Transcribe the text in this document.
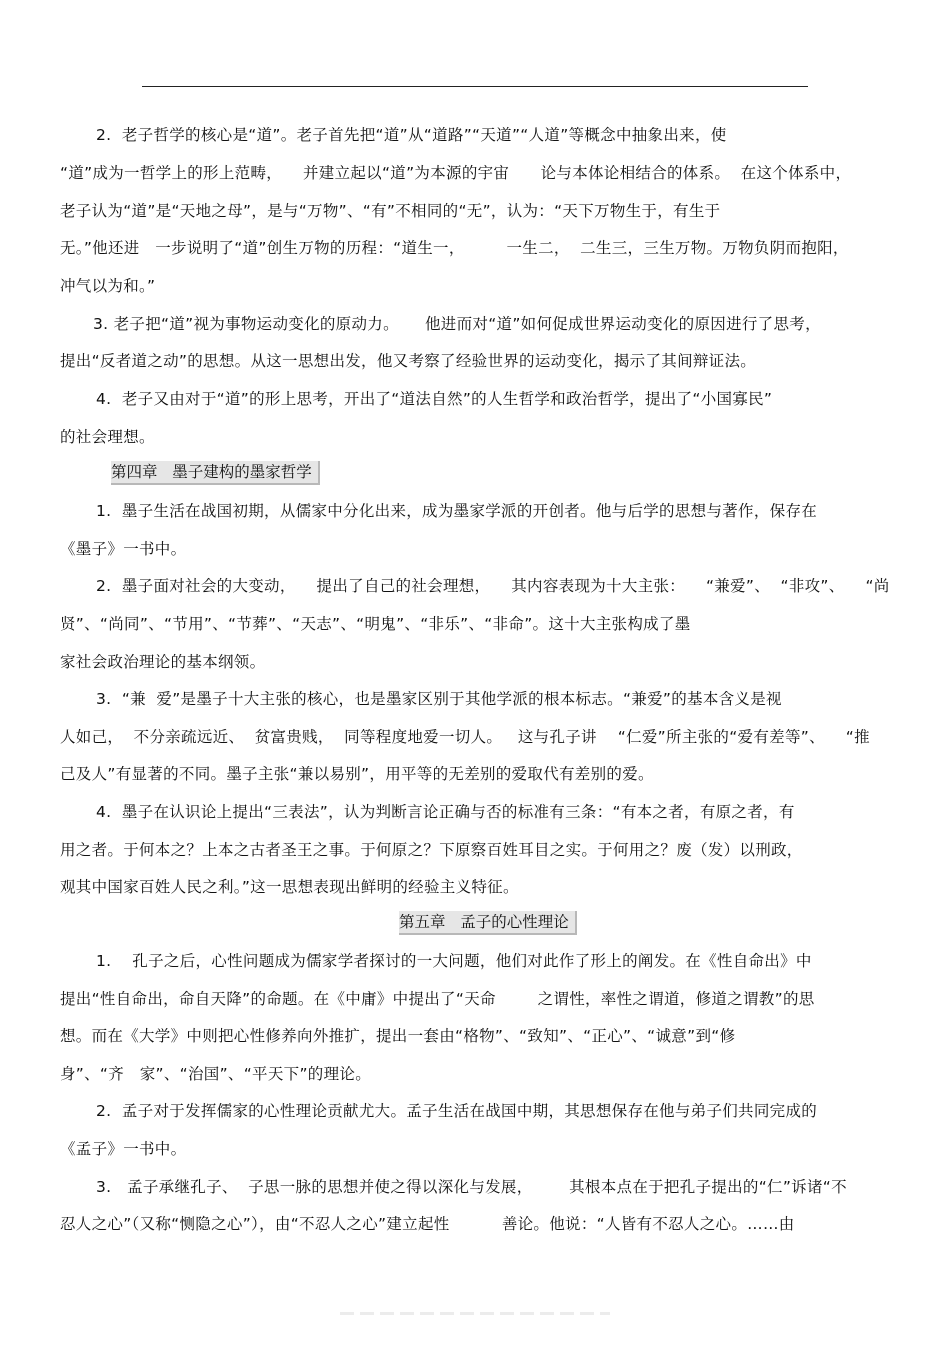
2.  老子哲学的核心是“道”。老子首先把“道”从“道路”“天道”“人道”等概念中抽象出来，使
“道”成为一哲学上的形上范畴，    并建立起以“道”为本源的宇宙      论与本体论相结合的体系。  在这个体系中，
老子认为“道”是“天地之母”，是与“万物”、“有”不相同的“无”，认为：“天下万物生于，有生于
无。”他还进   一步说明了“道”创生万物的历程：“道生一，        一生二，  二生三，三生万物。万物负阴而抱阳，
冲气以为和。”
3. 老子把“道”视为事物运动变化的原动力。     他进而对“道”如何促成世界运动变化的原因进行了思考，
提出“反者道之动”的思想。从这一思想出发，他又考察了经验世界的运动变化，揭示了其间辩证法。
4.  老子又由对于“道”的形上思考，开出了“道法自然”的人生哲学和政治哲学，提出了“小国寡民”
的社会理想。
第四章   墨子建构的墨家哲学
1.  墨子生活在战国初期，从儒家中分化出来，成为墨家学派的开创者。他与后学的思想与著作，保存在
《墨子》一书中。
2.  墨子面对社会的大变动，    提出了自己的社会理想，    其内容表现为十大主张：    “兼爱”、  “非攻”、    “尚
贤”、“尚同”、“节用”、“节葬”、“天志”、“明鬼”、“非乐”、“非命”。这十大主张构成了墨
家社会政治理论的基本纲领。
3.  “兼  爱”是墨子十大主张的核心，也是墨家区别于其他学派的根本标志。“兼爱”的基本含义是视
人如己，  不分亲疏远近、  贫富贵贱，  同等程度地爱一切人。   这与孔子讲    “仁爱”所主张的“爱有差等”、    “推
己及人”有显著的不同。墨子主张“兼以易别”，用平等的无差别的爱取代有差别的爱。
4.  墨子在认识论上提出“三表法”，认为判断言论正确与否的标准有三条：“有本之者，有原之者，有
用之者。于何本之？上本之古者圣王之事。于何原之？下原察百姓耳目之实。于何用之？废（发）以刑政，
观其中国家百姓人民之利。”这一思想表现出鲜明的经验主义特征。
第五章   孟子的心性理论
1.    孔子之后，心性问题成为儒家学者探讨的一大问题，他们对此作了形上的阐发。在《性自命出》中
提出“性自命出，命自天降”的命题。在《中庸》中提出了“天命        之谓性，率性之谓道，修道之谓教”的思
想。而在《大学》中则把心性修养向外推扩，提出一套由“格物”、“致知”、“正心”、“诚意”到“修
身”、“齐   家”、“治国”、“平天下”的理论。
2.  孟子对于发挥儒家的心性理论贡献尤大。孟子生活在战国中期，其思想保存在他与弟子们共同完成的
《孟子》一书中。
3.   孟子承继孔子、  子思一脉的思想并使之得以深化与发展，       其根本点在于把孔子提出的“仁”诉诸“不
忍人之心”（又称“恻隐之心”），由“不忍人之心”建立起性          善论。他说：“人皆有不忍人之心。……由
